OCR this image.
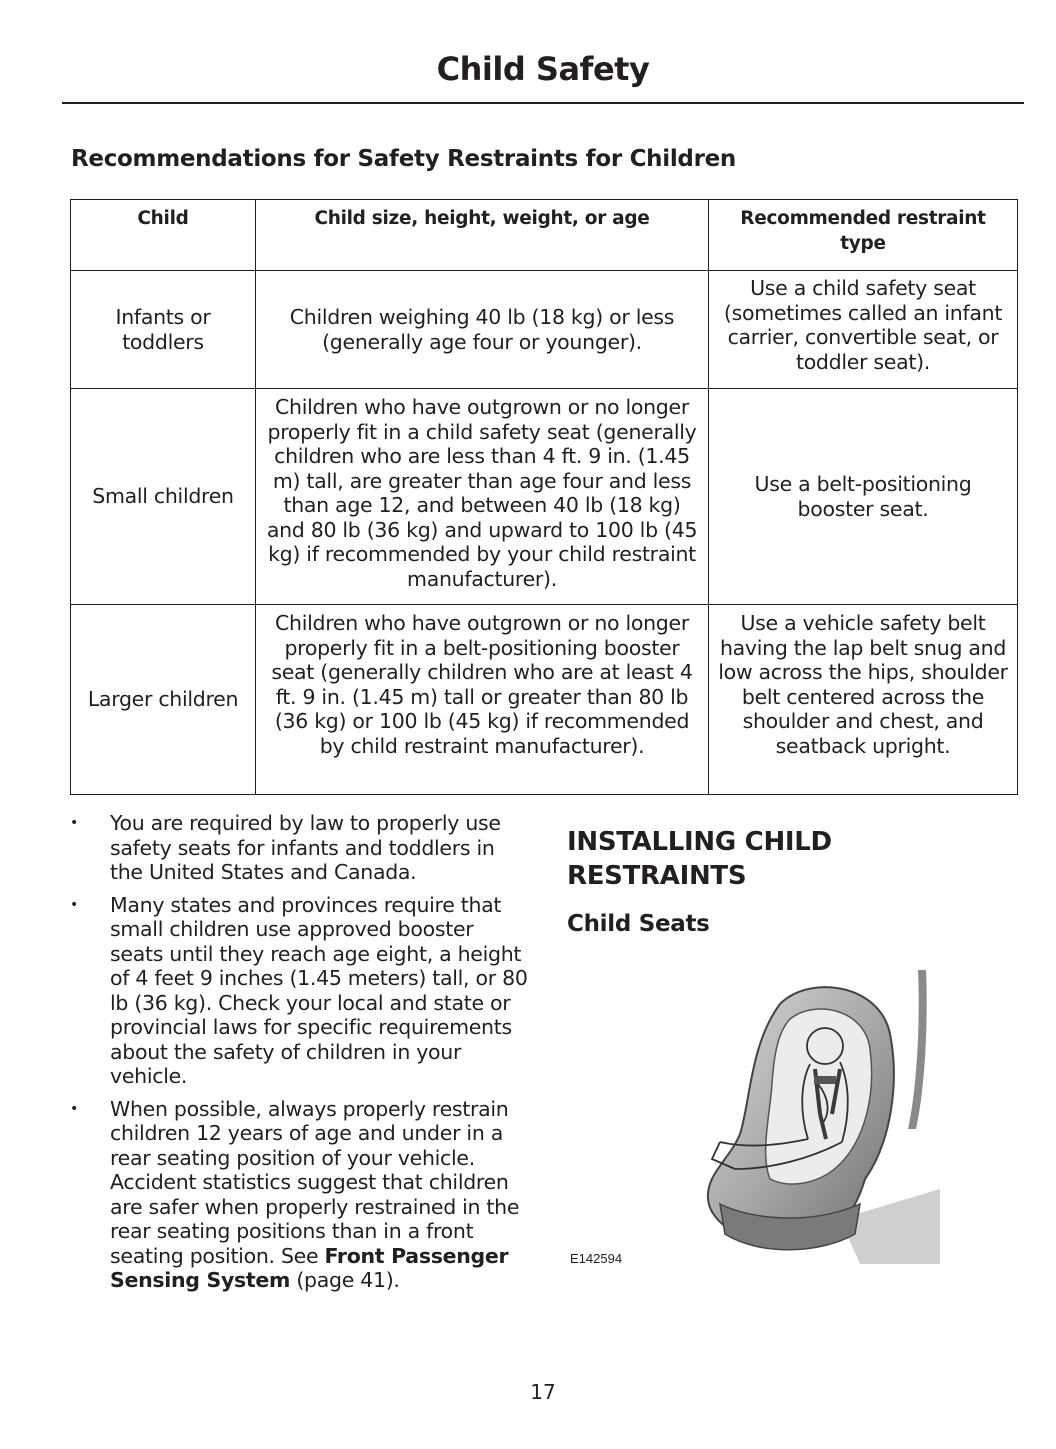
Child Safety
Recommendations for Safety Restraints for Children
Child	Child size, height, weight, or age	Recommended restraint type
Infants or toddlers	Children weighing 40 lb (18 kg) or less (generally age four or younger).	Use a child safety seat (sometimes called an infant carrier, convertible seat, or toddler seat).
Small children	Children who have outgrown or no longer properly fit in a child safety seat (generally children who are less than 4 ft. 9 in. (1.45 m) tall, are greater than age four and less than age 12, and between 40 lb (18 kg) and 80 lb (36 kg) and upward to 100 lb (45 kg) if recommended by your child restraint manufacturer).	Use a belt-positioning booster seat.
Larger children	Children who have outgrown or no longer properly fit in a belt-positioning booster seat (generally children who are at least 4 ft. 9 in. (1.45 m) tall or greater than 80 lb (36 kg) or 100 lb (45 kg) if recommended by child restraint manufacturer).	Use a vehicle safety belt having the lap belt snug and low across the hips, shoulder belt centered across the shoulder and chest, and seatback upright.
• You are required by law to properly use safety seats for infants and toddlers in the United States and Canada.
• Many states and provinces require that small children use approved booster seats until they reach age eight, a height of 4 feet 9 inches (1.45 meters) tall, or 80 lb (36 kg). Check your local and state or provincial laws for specific requirements about the safety of children in your vehicle.
• When possible, always properly restrain children 12 years of age and under in a rear seating position of your vehicle. Accident statistics suggest that children are safer when properly restrained in the rear seating positions than in a front seating position. See Front Passenger Sensing System (page 41).
INSTALLING CHILD RESTRAINTS
Child Seats
E142594
17
